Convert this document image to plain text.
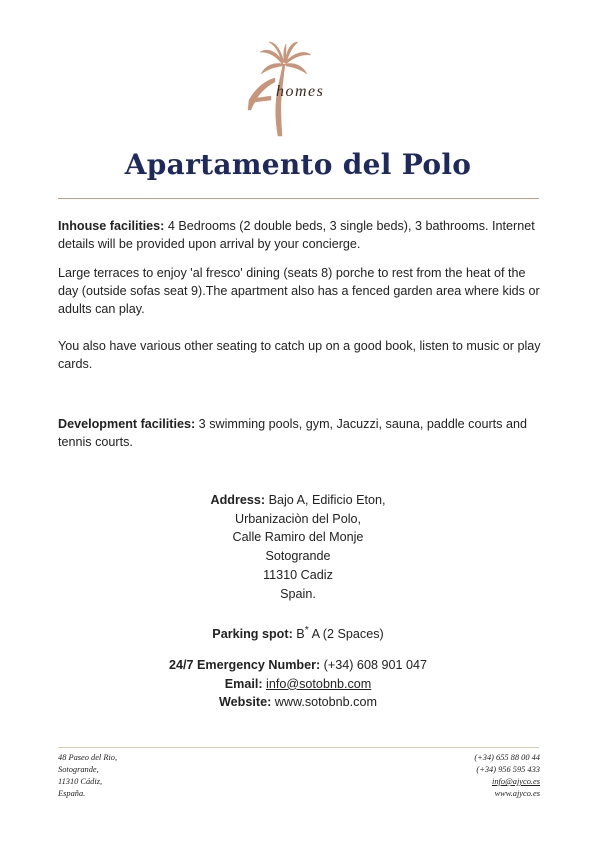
homes
Apartamento del Polo
Inhouse facilities: 4 Bedrooms (2 double beds, 3 single beds), 3 bathrooms. Internet details will be provided upon arrival by your concierge.
Large terraces to enjoy 'al fresco' dining (seats 8) porche to rest from the heat of the day (outside sofas seat 9).The apartment also has a fenced garden area where kids or adults can play.
You also have various other seating to catch up on a good book, listen to music or play cards.
Development facilities: 3 swimming pools, gym, Jacuzzi, sauna, paddle courts and tennis courts.
Address: Bajo A, Edificio Eton,
Urbanizaciòn del Polo,
Calle Ramiro del Monje
Sotogrande
11310 Cadiz
Spain.
Parking spot: B* A (2 Spaces)
24/7 Emergency Number: (+34) 608 901 047
Email: info@sotobnb.com
Website: www.sotobnb.com
48 Paseo del Rio,
Sotogrande,
11310 Cádiz,
España.
(+34) 655 88 00 44
(+34) 956 595 433
info@ajyco.es
www.ajyco.es
